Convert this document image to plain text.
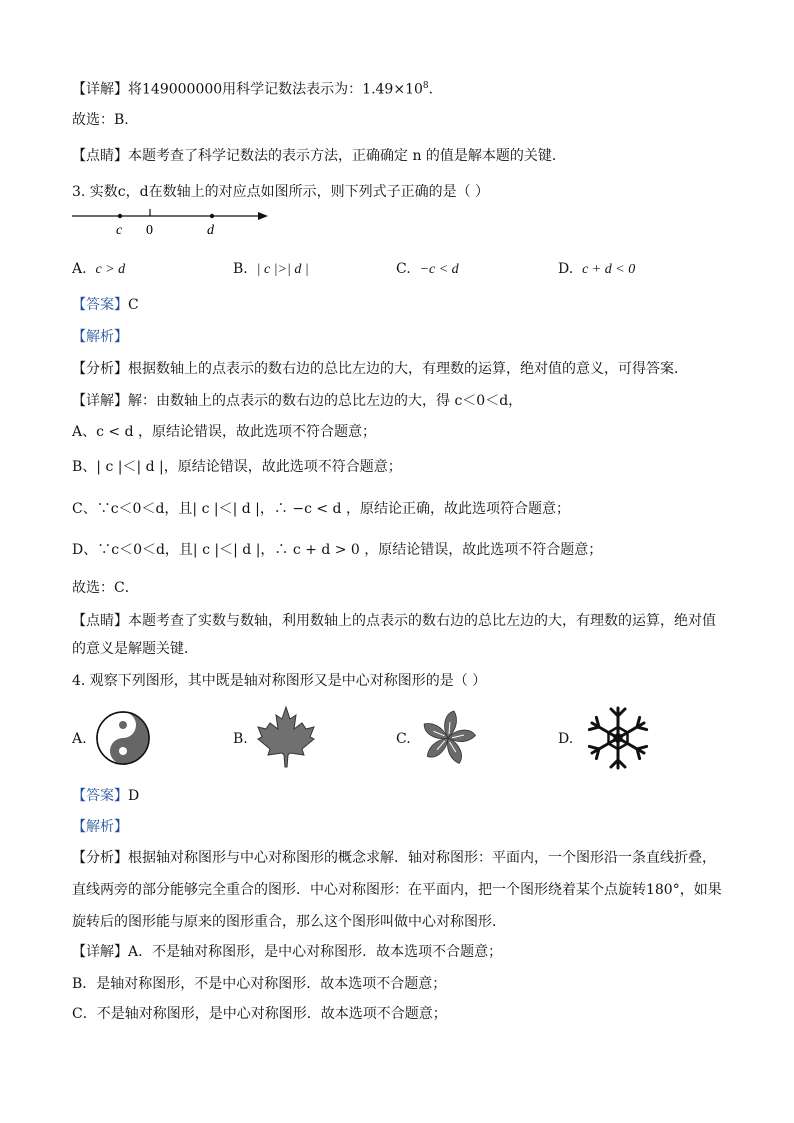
【详解】将149000000用科学记数法表示为：$1.49\times 10^8$．
故选：B.
【点睛】本题考查了科学记数法的表示方法，正确确定 n 的值是解本题的关键．
3. 实数c，d在数轴上的对应点如图所示，则下列式子正确的是（ ）
c 0	d
A. c > d	B. | c |>| d |	C. −c < d	D. c + d < 0
【答案】C
【解析】
【分析】根据数轴上的点表示的数右边的总比左边的大，有理数的运算，绝对值的意义，可得答案．
【详解】解：由数轴上的点表示的数右边的总比左边的大，得 c＜0＜d，
A、c < d ，原结论错误，故此选项不符合题意；
B、| c |＜| d |，原结论错误，故此选项不符合题意；
C、∵c＜0＜d，且| c |＜| d |，∴ −c < d ，原结论正确，故此选项符合题意；
D、∵c＜0＜d，且| c |＜| d |，∴ c + d > 0 ，原结论错误，故此选项不符合题意；
故选：C．
【点睛】本题考查了实数与数轴，利用数轴上的点表示的数右边的总比左边的大，有理数的运算，绝对值
的意义是解题关键．
4. 观察下列图形，其中既是轴对称图形又是中心对称图形的是（ ）
A.	B.	C.	D.
【答案】D
【解析】
【分析】根据轴对称图形与中心对称图形的概念求解．轴对称图形：平面内，一个图形沿一条直线折叠，
直线两旁的部分能够完全重合的图形．中心对称图形：在平面内，把一个图形绕着某个点旋转180°，如果
旋转后的图形能与原来的图形重合，那么这个图形叫做中心对称图形．
【详解】A．不是轴对称图形，是中心对称图形．故本选项不合题意；
B．是轴对称图形，不是中心对称图形．故本选项不合题意；
C．不是轴对称图形，是中心对称图形．故本选项不合题意；
